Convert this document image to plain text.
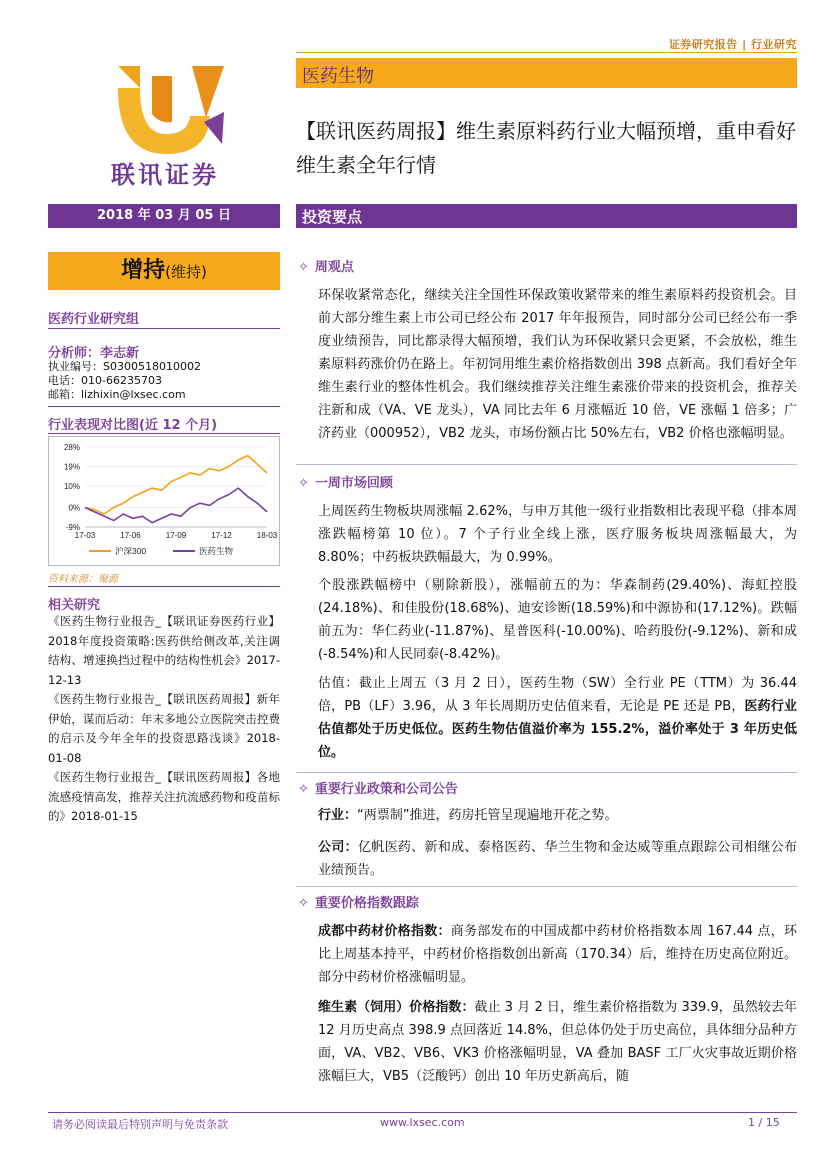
证券研究报告 | 行业研究
联讯证券
医药生物
【联讯医药周报】维生素原料药行业大幅预增，重申看好维生素全年行情
2018 年 03 月 05 日
增持(维持)
医药行业研究组
分析师：李志新
执业编号：S0300518010002
电话：010-66235703
邮箱：lizhixin@lxsec.com
行业表现对比图(近 12 个月)
28%
19%
10%
0%
-9%
17-03	17-06	17-09	17-12	18-03
沪深300	医药生物
资料来源：聚源
相关研究
《医药生物行业报告_【联讯证券医药行业】2018年度投资策略:医药供给侧改革,关注调结构、增速换挡过程中的结构性机会》2017-12-13
《医药生物行业报告_【联讯医药周报】新年伊始，谋而后动：年末多地公立医院突击控费的启示及今年全年的投资思路浅谈》2018-01-08
《医药生物行业报告_【联讯医药周报】各地流感疫情高发，推荐关注抗流感药物和疫苗标的》2018-01-15
投资要点
✧ 周观点
环保收紧常态化，继续关注全国性环保政策收紧带来的维生素原料药投资机会。目前大部分维生素上市公司已经公布 2017 年年报预告，同时部分公司已经公布一季度业绩预告，同比都录得大幅预增，我们认为环保收紧只会更紧，不会放松，维生素原料药涨价仍在路上。年初饲用维生素价格指数创出 398 点新高。我们看好全年维生素行业的整体性机会。我们继续推荐关注维生素涨价带来的投资机会，推荐关注新和成（VA、VE 龙头），VA 同比去年 6 月涨幅近 10 倍，VE 涨幅 1 倍多；广济药业（000952），VB2 龙头，市场份额占比 50%左右，VB2 价格也涨幅明显。
✧ 一周市场回顾
上周医药生物板块周涨幅 2.62%，与申万其他一级行业指数相比表现平稳（排本周涨跌幅榜第 10 位）。7 个子行业全线上涨，医疗服务板块周涨幅最大，为 8.80%；中药板块跌幅最大，为 0.99%。
个股涨跌幅榜中（剔除新股），涨幅前五的为：华森制药(29.40%)、海虹控股(24.18%)、和佳股份(18.68%)、迪安诊断(18.59%)和中源协和(17.12%)。跌幅前五为：华仁药业(-11.87%)、星普医科(-10.00%)、哈药股份(-9.12%)、新和成(-8.54%)和人民同泰(-8.42%)。
估值：截止上周五（3 月 2 日），医药生物（SW）全行业 PE（TTM）为 36.44 倍，PB（LF）3.96，从 3 年长周期历史估值来看，无论是 PE 还是 PB，医药行业估值都处于历史低位。医药生物估值溢价率为 155.2%，溢价率处于 3 年历史低位。
✧ 重要行业政策和公司公告
行业：“两票制”推进，药房托管呈现遍地开花之势。
公司：亿帆医药、新和成、泰格医药、华兰生物和金达威等重点跟踪公司相继公布业绩预告。
✧ 重要价格指数跟踪
成都中药材价格指数：商务部发布的中国成都中药材价格指数本周 167.44 点，环比上周基本持平，中药材价格指数创出新高（170.34）后，维持在历史高位附近。部分中药材价格涨幅明显。
维生素（饲用）价格指数：截止 3 月 2 日，维生素价格指数为 339.9，虽然较去年 12 月历史高点 398.9 点回落近 14.8%，但总体仍处于历史高位，具体细分品种方面，VA、VB2、VB6、VK3 价格涨幅明显，VA 叠加 BASF 工厂火灾事故近期价格涨幅巨大，VB5（泛酸钙）创出 10 年历史新高后，随
请务必阅读最后特别声明与免责条款	www.lxsec.com	1 / 15
